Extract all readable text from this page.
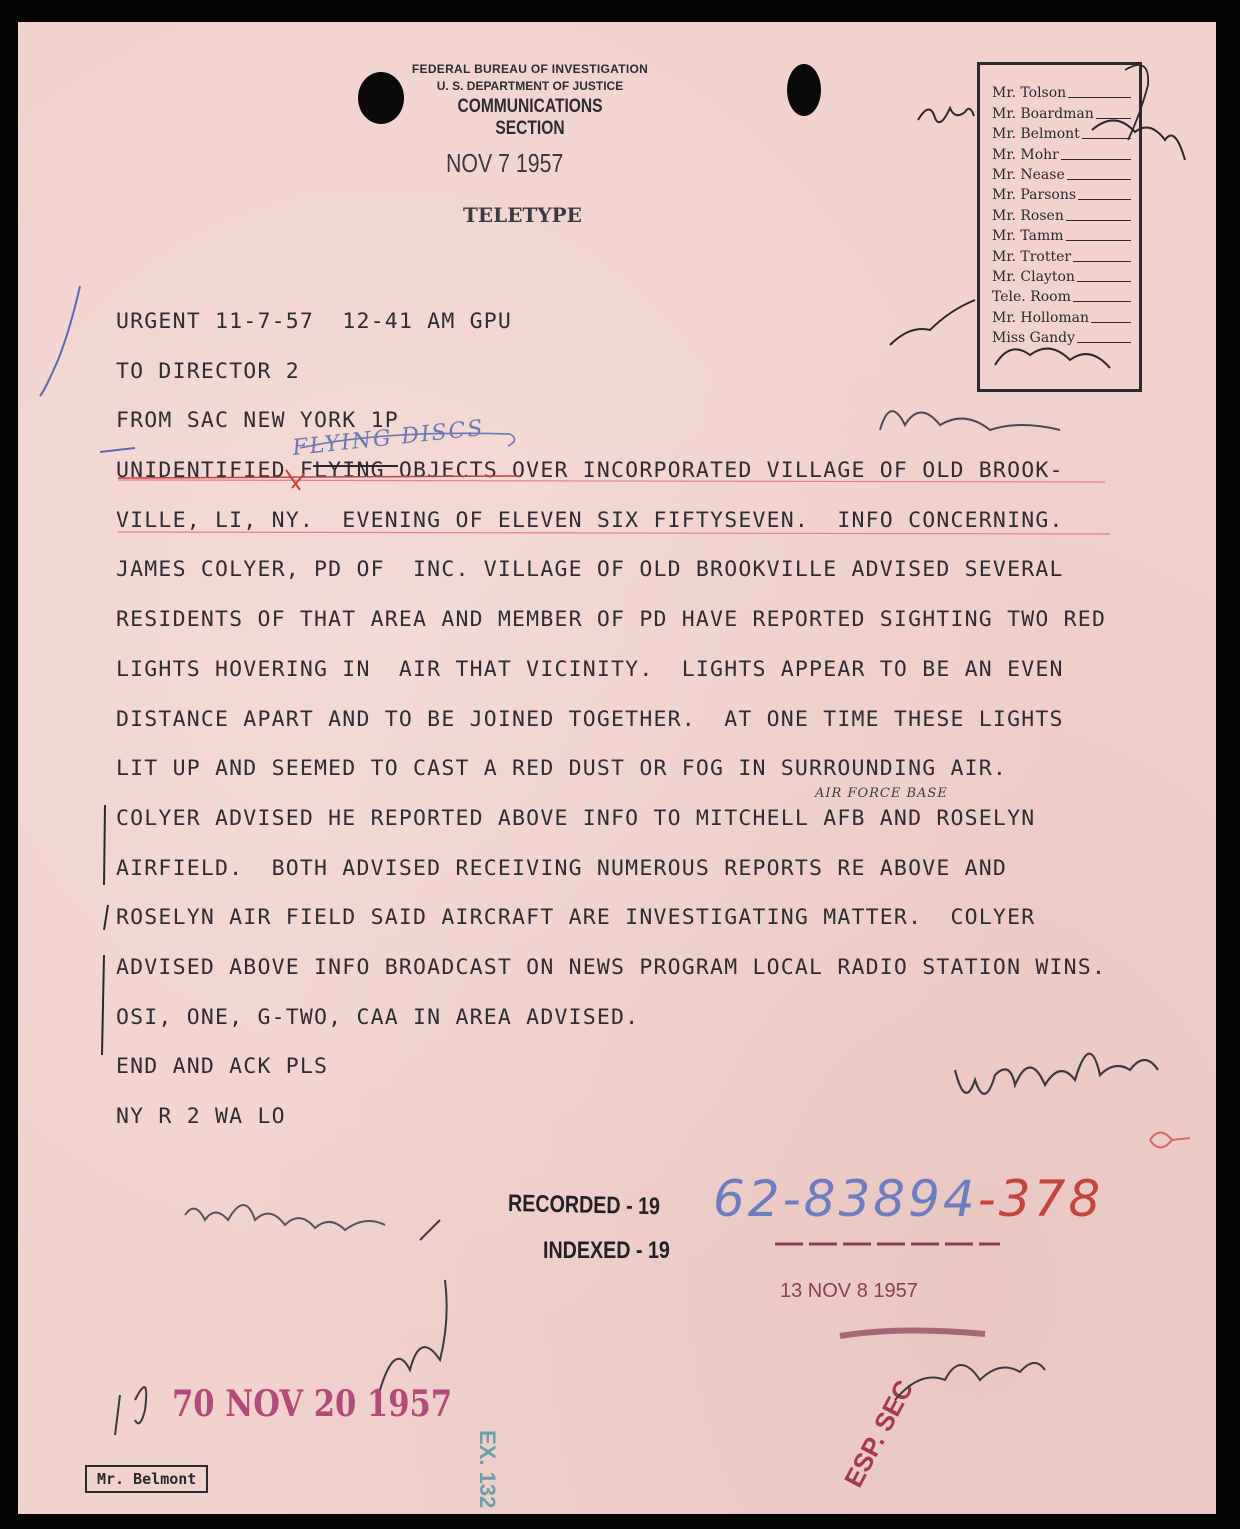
FEDERAL BUREAU OF INVESTIGATION
U. S. DEPARTMENT OF JUSTICE
COMMUNICATIONS SECTION
NOV 7 1957
TELETYPE
Mr. Tolson
Mr. Boardman
Mr. Belmont
Mr. Mohr
Mr. Nease
Mr. Parsons
Mr. Rosen
Mr. Tamm
Mr. Trotter
Mr. Clayton
Tele. Room
Mr. Holloman
Miss Gandy
URGENT 11-7-57  12-41 AM GPU
TO DIRECTOR 2
FROM SAC NEW YORK 1P
UNIDENTIFIED FLYING OBJECTS OVER INCORPORATED VILLAGE OF OLD BROOK-
VILLE, LI, NY.  EVENING OF ELEVEN SIX FIFTYSEVEN.  INFO CONCERNING.
JAMES COLYER, PD OF  INC. VILLAGE OF OLD BROOKVILLE ADVISED SEVERAL
RESIDENTS OF THAT AREA AND MEMBER OF PD HAVE REPORTED SIGHTING TWO RED
LIGHTS HOVERING IN  AIR THAT VICINITY.  LIGHTS APPEAR TO BE AN EVEN
DISTANCE APART AND TO BE JOINED TOGETHER.  AT ONE TIME THESE LIGHTS
LIT UP AND SEEMED TO CAST A RED DUST OR FOG IN SURROUNDING AIR.
COLYER ADVISED HE REPORTED ABOVE INFO TO MITCHELL AFB AND ROSELYN
AIRFIELD.  BOTH ADVISED RECEIVING NUMEROUS REPORTS RE ABOVE AND
ROSELYN AIR FIELD SAID AIRCRAFT ARE INVESTIGATING MATTER.  COLYER
ADVISED ABOVE INFO BROADCAST ON NEWS PROGRAM LOCAL RADIO STATION WINS.
OSI, ONE, G-TWO, CAA IN AREA ADVISED.
END AND ACK PLS
NY R 2 WA LO
FLYING DISCS
AIR FORCE BASE
RECORDED - 19
INDEXED - 19
62-83894-378
13 NOV 8 1957
70 NOV 20 1957
EX. 132	ESP. SEC
Mr. Belmont
